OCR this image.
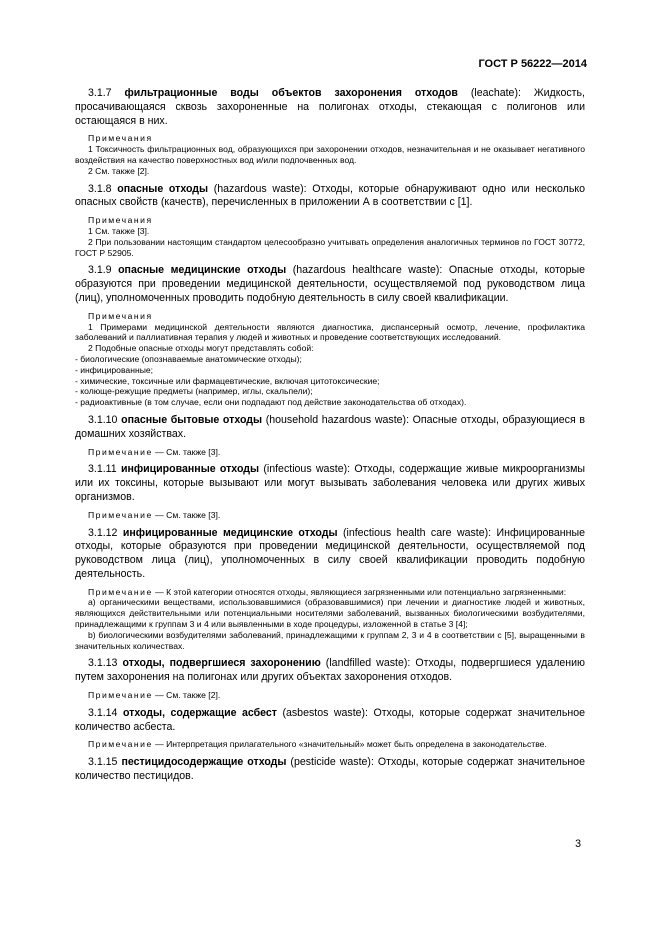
ГОСТ Р 56222—2014

3.1.7 фильтрационные воды объектов захоронения отходов (leachate): Жидкость, просачивающаяся сквозь захороненные на полигонах отходы, стекающая с полигонов или остающаяся в них.

Примечания

1 Токсичность фильтрационных вод, образующихся при захоронении отходов, незначительная и не оказывает негативного воздействия на качество поверхностных вод и/или подпочвенных вод.

2 См. также [2].

3.1.8 опасные отходы (hazardous waste): Отходы, которые обнаруживают одно или несколько опасных свойств (качеств), перечисленных в приложении А в соответствии с [1].

Примечания

1 См. также [3].

2 При пользовании настоящим стандартом целесообразно учитывать определения аналогичных терминов по ГОСТ 30772, ГОСТ Р 52905.

3.1.9 опасные медицинские отходы (hazardous healthcare waste): Опасные отходы, которые образуются при проведении медицинской деятельности, осуществляемой под руководством лица (лиц), уполномоченных проводить подобную деятельность в силу своей квалификации.

Примечания

1 Примерами медицинской деятельности являются диагностика, диспансерный осмотр, лечение, профилактика заболеваний и паллиативная терапия у людей и животных и проведение соответствующих исследований.

2 Подобные опасные отходы могут представлять собой:

- биологические (опознаваемые анатомические отходы);

- инфицированные;

- химические, токсичные или фармацевтические, включая цитотоксические;

- колюще-режущие предметы (например, иглы, скальпели);

- радиоактивные (в том случае, если они подпадают под действие законодательства об отходах).

3.1.10 опасные бытовые отходы (household hazardous waste): Опасные отходы, образующиеся в домашних хозяйствах.

Примечание — См. также [3].

3.1.11 инфицированные отходы (infectious waste): Отходы, содержащие живые микроорганизмы или их токсины, которые вызывают или могут вызывать заболевания человека или других живых организмов.

Примечание — См. также [3].

3.1.12 инфицированные медицинские отходы (infectious health care waste): Инфицированные отходы, которые образуются при проведении медицинской деятельности, осуществляемой под руководством лица (лиц), уполномоченных в силу своей квалификации проводить подобную деятельность.

Примечание — К этой категории относятся отходы, являющиеся загрязненными или потенциально загрязненными:

а) органическими веществами, использовавшимися (образовавшимися) при лечении и диагностике людей и животных, являющихся действительными или потенциальными носителями заболеваний, вызванных биологическими возбудителями, принадлежащими к группам 3 и 4 или выявленными в ходе процедуры, изложенной в статье 3 [4];

b) биологическими возбудителями заболеваний, принадлежащими к группам 2, 3 и 4 в соответствии с [5], выращенными в значительных количествах.

3.1.13 отходы, подвергшиеся захоронению (landfilled waste): Отходы, подвергшиеся удалению путем захоронения на полигонах или других объектах захоронения отходов.

Примечание — См. также [2].

3.1.14 отходы, содержащие асбест (asbestos waste): Отходы, которые содержат значительное количество асбеста.

Примечание — Интерпретация прилагательного «значительный» может быть определена в законодательстве.

3.1.15 пестицидосодержащие отходы (pesticide waste): Отходы, которые содержат значительное количество пестицидов.

3
